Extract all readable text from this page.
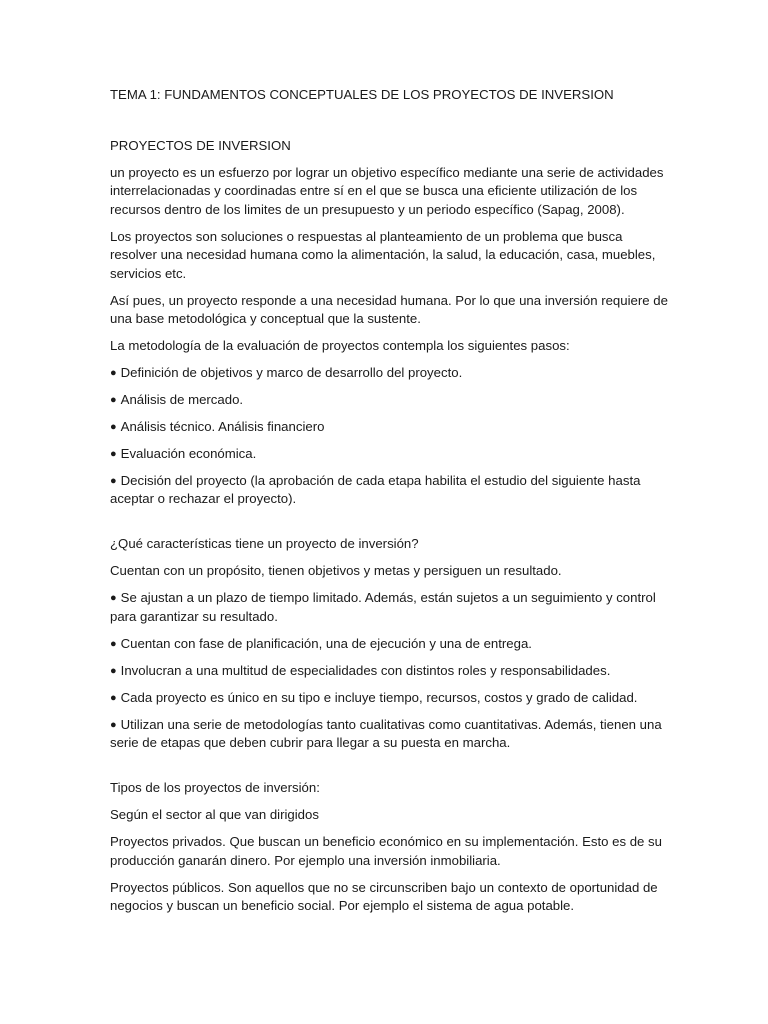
TEMA 1: FUNDAMENTOS CONCEPTUALES DE LOS PROYECTOS DE INVERSION

PROYECTOS DE INVERSION

un proyecto es un esfuerzo por lograr un objetivo específico mediante una serie de actividades interrelacionadas y coordinadas entre sí en el que se busca una eficiente utilización de los recursos dentro de los limites de un presupuesto y un periodo específico (Sapag, 2008).

Los proyectos son soluciones o respuestas al planteamiento de un problema que busca resolver una necesidad humana como la alimentación, la salud, la educación, casa, muebles, servicios etc.

Así pues, un proyecto responde a una necesidad humana. Por lo que una inversión requiere de una base metodológica y conceptual que la sustente.

La metodología de la evaluación de proyectos contempla los siguientes pasos:

● Definición de objetivos y marco de desarrollo del proyecto.

● Análisis de mercado.

● Análisis técnico. Análisis financiero

● Evaluación económica.

● Decisión del proyecto (la aprobación de cada etapa habilita el estudio del siguiente hasta aceptar o rechazar el proyecto).

¿Qué características tiene un proyecto de inversión?

Cuentan con un propósito, tienen objetivos y metas y persiguen un resultado.

● Se ajustan a un plazo de tiempo limitado. Además, están sujetos a un seguimiento y control para garantizar su resultado.

● Cuentan con fase de planificación, una de ejecución y una de entrega.

● Involucran a una multitud de especialidades con distintos roles y responsabilidades.

● Cada proyecto es único en su tipo e incluye tiempo, recursos, costos y grado de calidad.

● Utilizan una serie de metodologías tanto cualitativas como cuantitativas. Además, tienen una serie de etapas que deben cubrir para llegar a su puesta en marcha.

Tipos de los proyectos de inversión:

Según el sector al que van dirigidos

Proyectos privados. Que buscan un beneficio económico en su implementación. Esto es de su producción ganarán dinero. Por ejemplo una inversión inmobiliaria.

Proyectos públicos. Son aquellos que no se circunscriben bajo un contexto de oportunidad de negocios y buscan un beneficio social. Por ejemplo el sistema de agua potable.
